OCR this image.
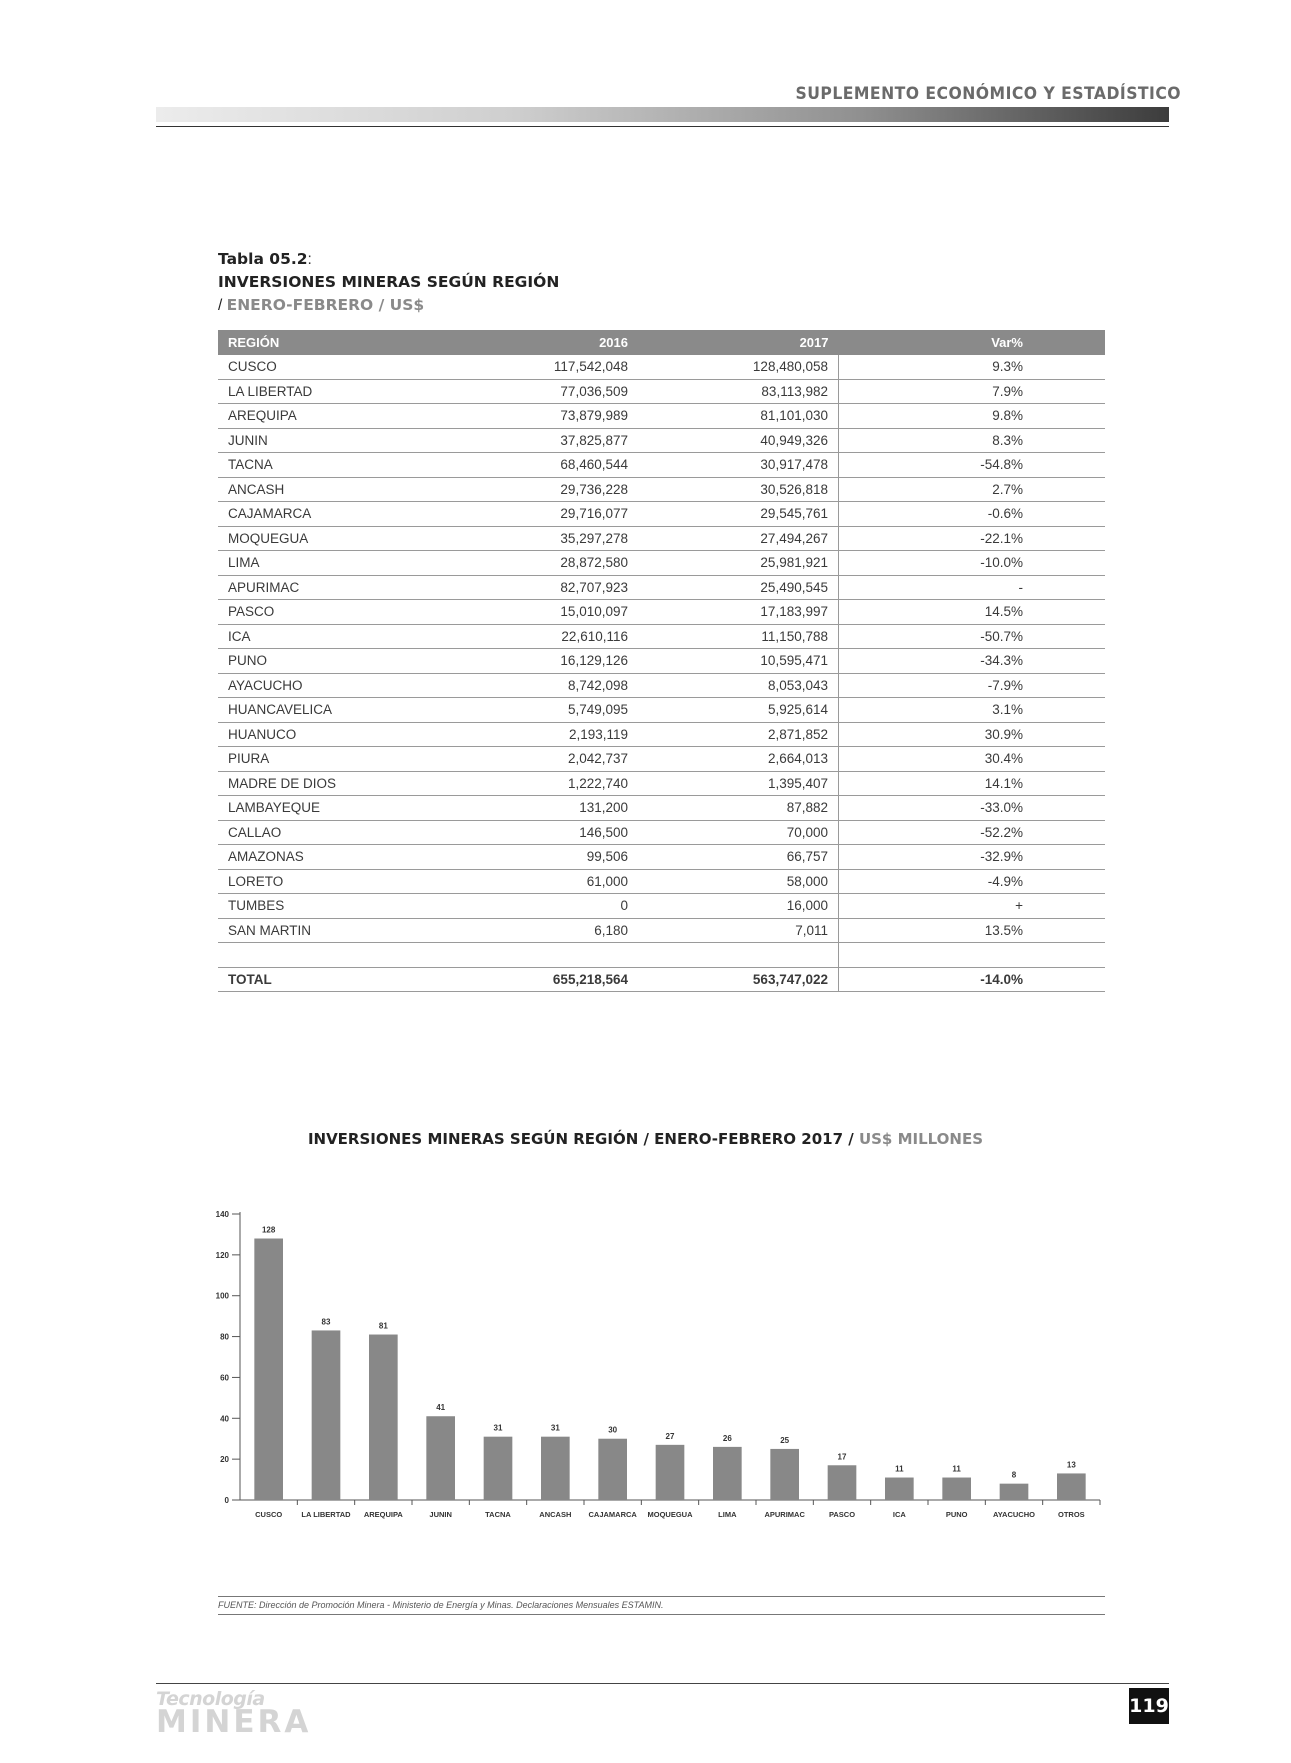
SUPLEMENTO ECONÓMICO Y ESTADÍSTICO
Tabla 05.2:
INVERSIONES MINERAS SEGÚN REGIÓN
/ ENERO-FEBRERO / US$
REGIÓN	2016	2017	Var%
CUSCO	117,542,048	128,480,058	9.3%
LA LIBERTAD	77,036,509	83,113,982	7.9%
AREQUIPA	73,879,989	81,101,030	9.8%
JUNIN	37,825,877	40,949,326	8.3%
TACNA	68,460,544	30,917,478	-54.8%
ANCASH	29,736,228	30,526,818	2.7%
CAJAMARCA	29,716,077	29,545,761	-0.6%
MOQUEGUA	35,297,278	27,494,267	-22.1%
LIMA	28,872,580	25,981,921	-10.0%
APURIMAC	82,707,923	25,490,545	-
PASCO	15,010,097	17,183,997	14.5%
ICA	22,610,116	11,150,788	-50.7%
PUNO	16,129,126	10,595,471	-34.3%
AYACUCHO	8,742,098	8,053,043	-7.9%
HUANCAVELICA	5,749,095	5,925,614	3.1%
HUANUCO	2,193,119	2,871,852	30.9%
PIURA	2,042,737	2,664,013	30.4%
MADRE DE DIOS	1,222,740	1,395,407	14.1%
LAMBAYEQUE	131,200	87,882	-33.0%
CALLAO	146,500	70,000	-52.2%
AMAZONAS	99,506	66,757	-32.9%
LORETO	61,000	58,000	-4.9%
TUMBES	0	16,000	+
SAN MARTIN	6,180	7,011	13.5%

TOTAL	655,218,564	563,747,022	-14.0%
INVERSIONES MINERAS SEGÚN REGIÓN / ENERO-FEBRERO 2017 / US$ MILLONES
0
20
40
60
80
100
120
140
128
CUSCO
83
LA LIBERTAD
81
AREQUIPA
41
JUNIN
31
TACNA
31
ANCASH
30
CAJAMARCA
27
MOQUEGUA
26
LIMA
25
APURIMAC
17
PASCO
11
ICA
11
PUNO
8
AYACUCHO
13
OTROS
FUENTE: Dirección de Promoción Minera - Ministerio de Energía y Minas. Declaraciones Mensuales ESTAMIN.
Tecnología
MINERA	119
